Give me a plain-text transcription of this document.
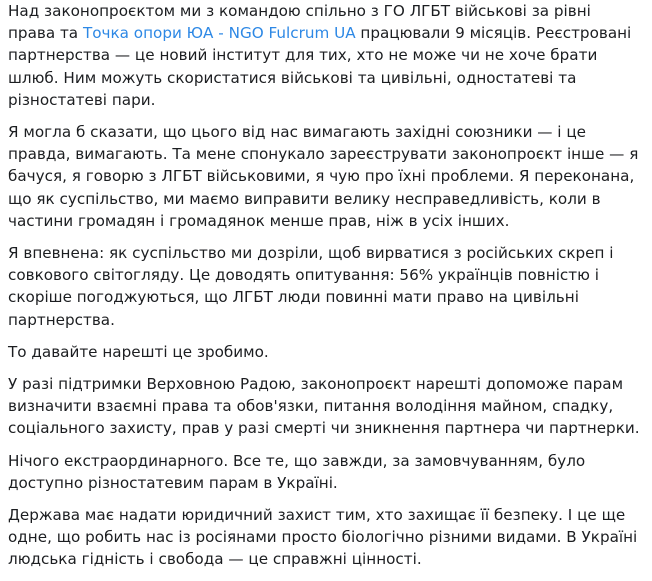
Над законопроєктом ми з командою спільно з ГО ЛГБТ військові за рівні права та Точка опори ЮА - NGO Fulcrum UA працювали 9 місяців. Реєстровані партнерства — це новий інститут для тих, хто не може чи не хоче брати шлюб. Ним можуть скористатися військові та цивільні, одностатеві та різностатеві пари.

Я могла б сказати, що цього від нас вимагають західні союзники — і це правда, вимагають. Та мене спонукало зареєструвати законопроєкт інше — я бачуся, я говорю з ЛГБТ військовими, я чую про їхні проблеми. Я переконана, що як суспільство, ми маємо виправити велику несправедливість, коли в частини громадян і громадянок менше прав, ніж в усіх інших.

Я впевнена: як суспільство ми дозріли, щоб вирватися з російських скреп і совкового світогляду. Це доводять опитування: 56% українців повністю і скоріше погоджуються, що ЛГБТ люди повинні мати право на цивільні партнерства.

То давайте нарешті це зробимо.

У разі підтримки Верховною Радою, законопроєкт нарешті допоможе парам визначити взаємні права та обов'язки, питання володіння майном, спадку, соціального захисту, прав у разі смерті чи зникнення партнера чи партнерки.

Нічого екстраординарного. Все те, що завжди, за замовчуванням, було доступно різностатевим парам в Україні.

Держава має надати юридичний захист тим, хто захищає її безпеку. І це ще одне, що робить нас із росіянами просто біологічно різними видами. В Україні людська гідність і свобода — це справжні цінності.
